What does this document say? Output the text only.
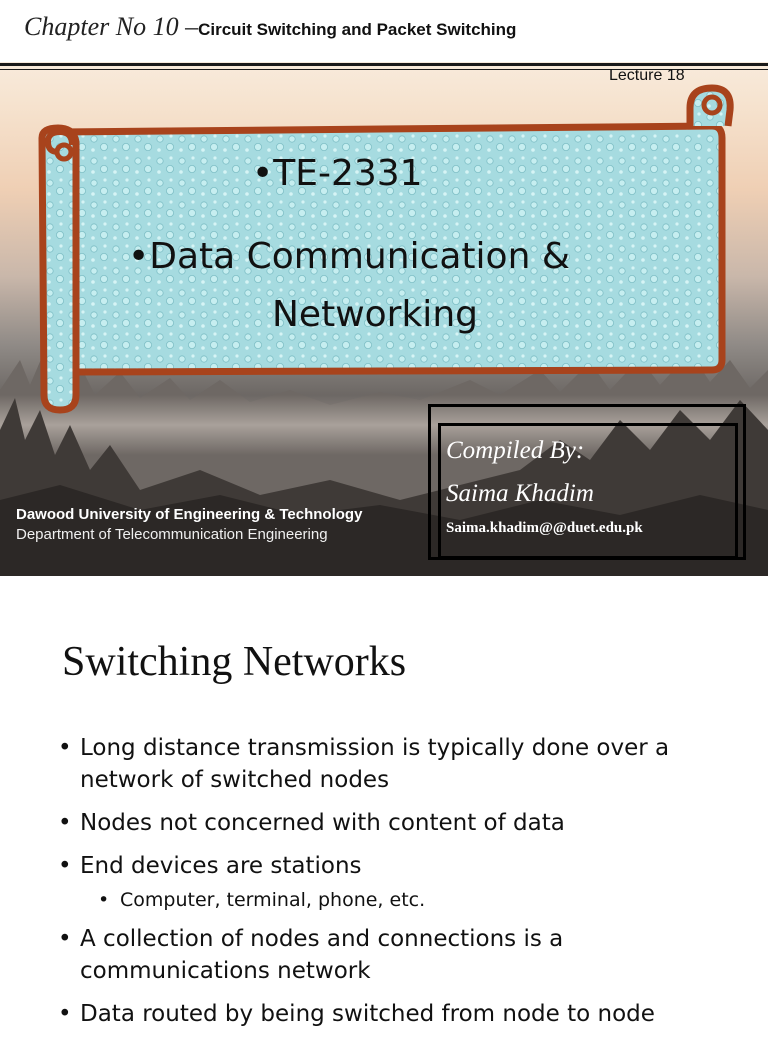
Chapter No 10 –Circuit Switching and Packet Switching
Lecture 18
•TE-2331
•Data Communication &
Networking
Dawood University of Engineering & Technology
Department of Telecommunication Engineering
Compiled By:
Saima Khadim
Saima.khadim@@duet.edu.pk
Switching Networks
• Long distance transmission is typically done over a network of switched nodes
• Nodes not concerned with content of data
• End devices are stations
• Computer, terminal, phone, etc.
• A collection of nodes and connections is a communications network
• Data routed by being switched from node to node
